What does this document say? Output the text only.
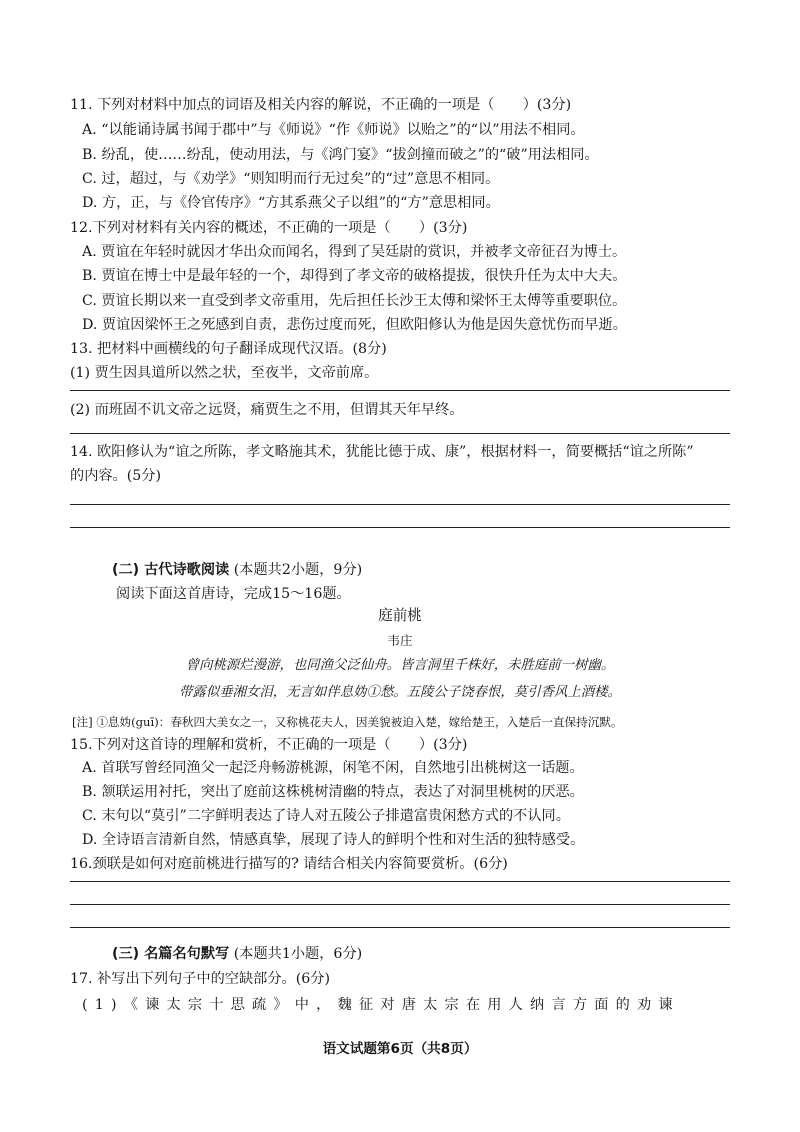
11. 下列对材料中加点的词语及相关内容的解说，不正确的一项是（　　）(3分)
A. “以能诵诗属书闻于郡中”与《师说》“作《师说》以贻之”的“以”用法不相同。
B. 纷乱，使……纷乱，使动用法，与《鸿门宴》“拔剑撞而破之”的“破”用法相同。
C. 过，超过，与《劝学》“则知明而行无过矣”的“过”意思不相同。
D. 方，正，与《伶官传序》“方其系燕父子以组”的“方”意思相同。
12.下列对材料有关内容的概述，不正确的一项是（　　）(3分)
A. 贾谊在年轻时就因才华出众而闻名，得到了吴廷尉的赏识，并被孝文帝征召为博士。
B. 贾谊在博士中是最年轻的一个，却得到了孝文帝的破格提拔，很快升任为太中大夫。
C. 贾谊长期以来一直受到孝文帝重用，先后担任长沙王太傅和梁怀王太傅等重要职位。
D. 贾谊因梁怀王之死感到自责，悲伤过度而死，但欧阳修认为他是因失意忧伤而早逝。
13. 把材料中画横线的句子翻译成现代汉语。(8分)
(1) 贾生因具道所以然之状，至夜半，文帝前席。
(2) 而班固不讥文帝之远贤，痛贾生之不用，但谓其天年早终。
14. 欧阳修认为“谊之所陈，孝文略施其术，犹能比德于成、康”，根据材料一，简要概括“谊之所陈”
的内容。(5分)
(二) 古代诗歌阅读 (本题共2小题，9分)
阅读下面这首唐诗，完成15～16题。
庭前桃
韦庄
曾向桃源烂漫游，也同渔父泛仙舟。皆言洞里千株好，未胜庭前一树幽。
带露似垂湘女泪，无言如伴息妫①愁。五陵公子饶春恨，莫引香风上酒楼。
[注] ①息妫(guī)：春秋四大美女之一，又称桃花夫人，因美貌被迫入楚，嫁给楚王，入楚后一直保持沉默。
15.下列对这首诗的理解和赏析，不正确的一项是（　　）(3分)
A. 首联写曾经同渔父一起泛舟畅游桃源，闲笔不闲，自然地引出桃树这一话题。
B. 颔联运用衬托，突出了庭前这株桃树清幽的特点，表达了对洞里桃树的厌恶。
C. 末句以“莫引”二字鲜明表达了诗人对五陵公子排遣富贵闲愁方式的不认同。
D. 全诗语言清新自然，情感真挚，展现了诗人的鲜明个性和对生活的独特感受。
16.颈联是如何对庭前桃进行描写的? 请结合相关内容简要赏析。(6分)
(三) 名篇名句默写 (本题共1小题，6分)
17. 补写出下列句子中的空缺部分。(6分)
(1)《谏太宗十思疏》中，魏征对唐太宗在用人纳言方面的劝谏
语文试题第6页（共8页）
